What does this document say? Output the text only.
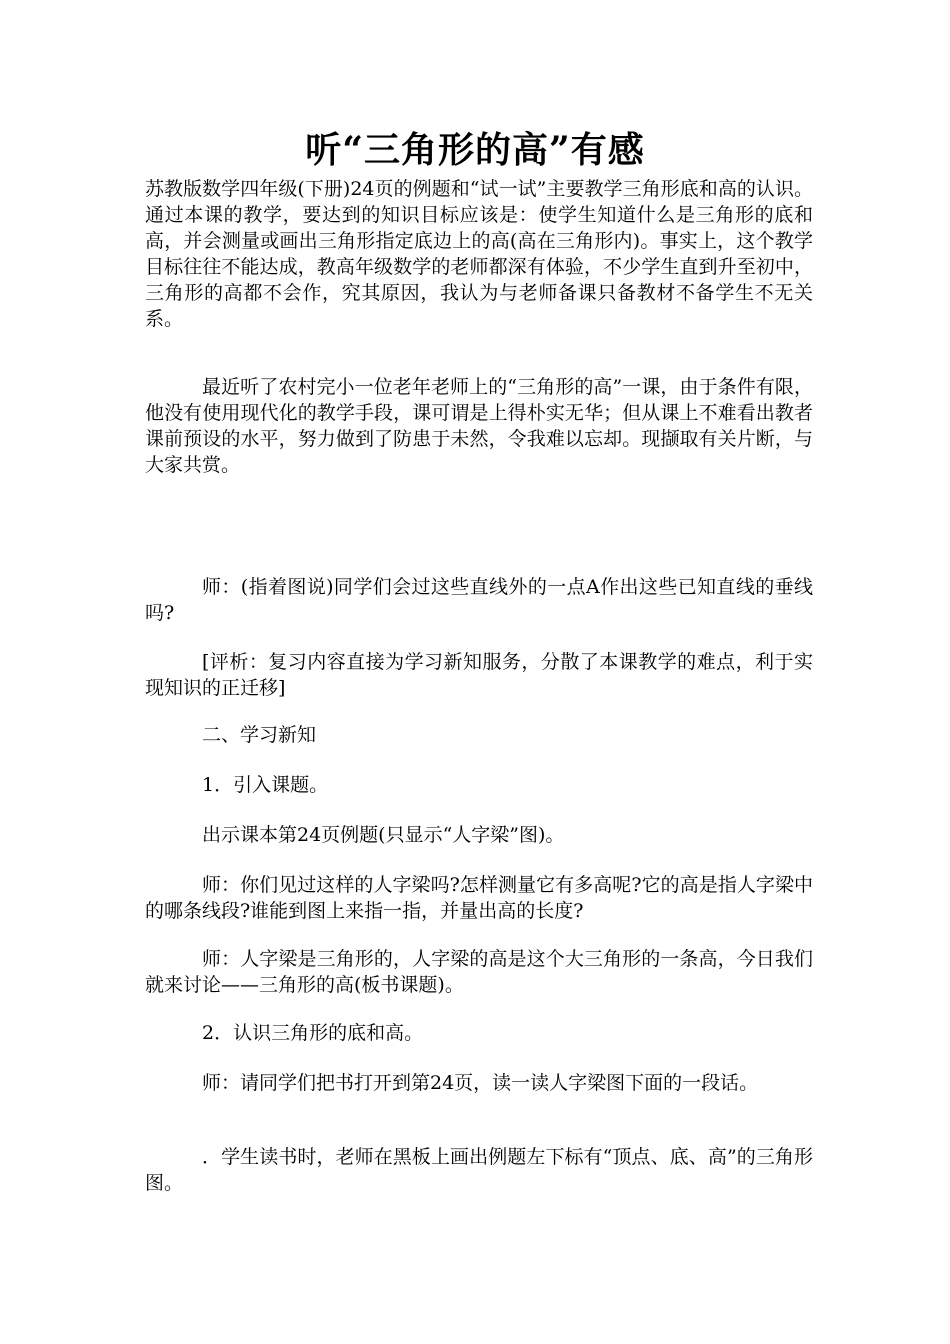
听“三角形的高”有感

苏教版数学四年级(下册)24页的例题和“试一试”主要教学三角形底和高的认识。通过本课的教学，要达到的知识目标应该是：使学生知道什么是三角形的底和高，并会测量或画出三角形指定底边上的高(高在三角形内)。事实上，这个教学目标往往不能达成，教高年级数学的老师都深有体验，不少学生直到升至初中，三角形的高都不会作，究其原因，我认为与老师备课只备教材不备学生不无关系。

最近听了农村完小一位老年老师上的“三角形的高”一课，由于条件有限，他没有使用现代化的教学手段，课可谓是上得朴实无华；但从课上不难看出教者课前预设的水平，努力做到了防患于未然，令我难以忘却。现撷取有关片断，与大家共赏。

师：(指着图说)同学们会过这些直线外的一点A作出这些已知直线的垂线吗?

[评析：复习内容直接为学习新知服务，分散了本课教学的难点，利于实现知识的正迁移]

二、学习新知

1．引入课题。

出示课本第24页例题(只显示“人字梁”图)。

师：你们见过这样的人字梁吗?怎样测量它有多高呢?它的高是指人字梁中的哪条线段?谁能到图上来指一指，并量出高的长度?

师：人字梁是三角形的，人字梁的高是这个大三角形的一条高，今日我们就来讨论——三角形的高(板书课题)。

2．认识三角形的底和高。

师：请同学们把书打开到第24页，读一读人字梁图下面的一段话。

．学生读书时，老师在黑板上画出例题左下标有“顶点、底、高”的三角形图。
